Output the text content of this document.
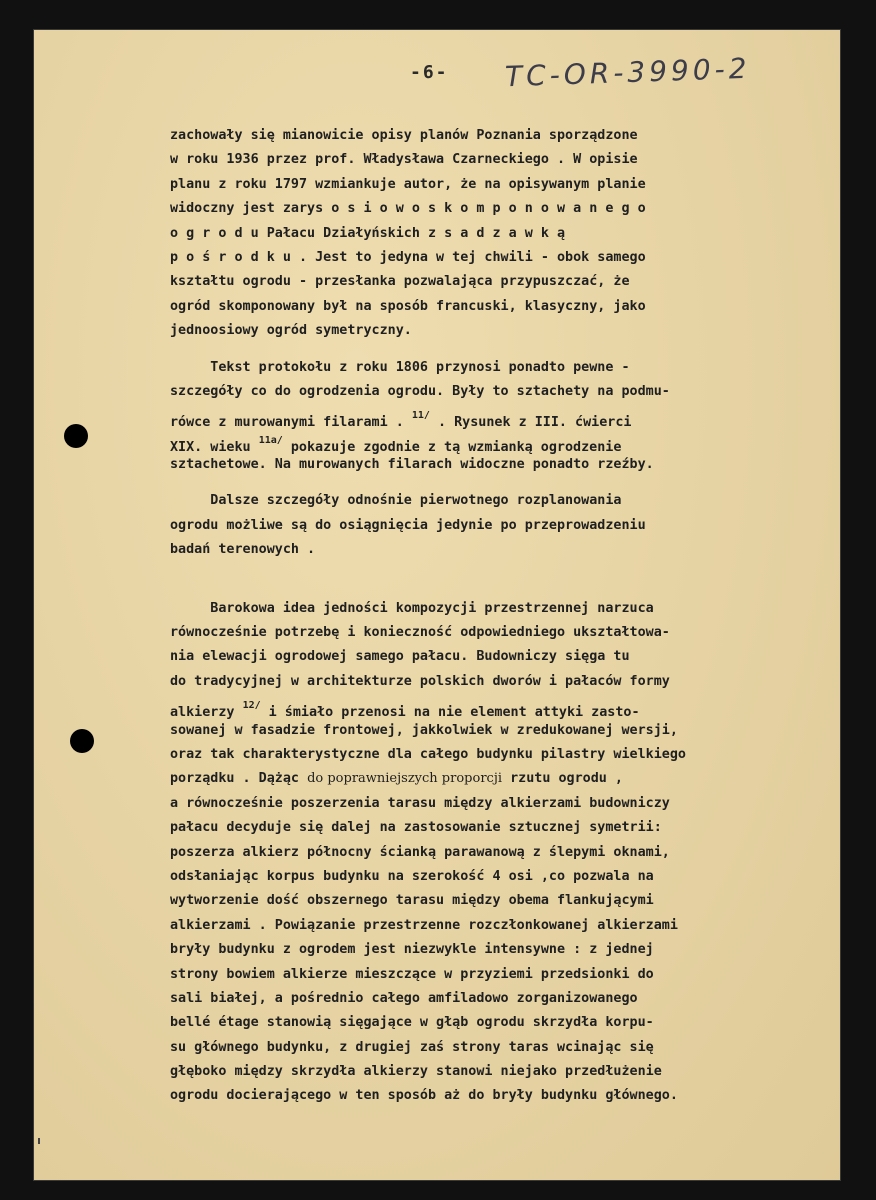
-6- TC-OR-3990-2
zachowały się mianowicie opisy planów Poznania sporządzone
w roku 1936 przez prof. Władysława Czarneckiego . W opisie
planu z roku 1797 wzmiankuje autor, że na opisywanym planie
widoczny jest zarys o s i o w o s k o m p o n o w a n e g o
o g r o d u Pałacu Działyńskich z s a d z a w k ą
p o ś r o d k u . Jest to jedyna w tej chwili - obok samego
kształtu ogrodu - przesłanka pozwalająca przypuszczać, że
ogród skomponowany był na sposób francuski, klasyczny, jako
jednoosiowy ogród symetryczny.
Tekst protokołu z roku 1806 przynosi ponadto pewne -
szczegóły co do ogrodzenia ogrodu. Były to sztachety na podmu-
rówce z murowanymi filarami . $^{11/}$ . Rysunek z III. ćwierci
XIX. wieku $^{11a/}$ pokazuje zgodnie z tą wzmianką ogrodzenie
sztachetowe. Na murowanych filarach widoczne ponadto rzeźby.
Dalsze szczegóły odnośnie pierwotnego rozplanowania
ogrodu możliwe są do osiągnięcia jedynie po przeprowadzeniu
badań terenowych .
Barokowa idea jedności kompozycji przestrzennej narzuca
równocześnie potrzebę i konieczność odpowiedniego ukształtowa-
nia elewacji ogrodowej samego pałacu. Budowniczy sięga tu
do tradycyjnej w architekturze polskich dworów i pałaców formy
alkierzy $^{12/}$ i śmiało przenosi na nie element attyki zasto-
sowanej w fasadzie frontowej, jakkolwiek w zredukowanej wersji,
oraz tak charakterystyczne dla całego budynku pilastry wielkiego
porządku . Dążąc do poprawniejszych proporcji rzutu ogrodu ,
a równocześnie poszerzenia tarasu między alkierzami budowniczy
pałacu decyduje się dalej na zastosowanie sztucznej symetrii:
poszerza alkierz północny ścianką parawanową z ślepymi oknami,
odsłaniając korpus budynku na szerokość 4 osi ,co pozwala na
wytworzenie dość obszernego tarasu między obema flankującymi
alkierzami . Powiązanie przestrzenne rozczłonkowanej alkierzami
bryły budynku z ogrodem jest niezwykle intensywne : z jednej
strony bowiem alkierze mieszczące w przyziemi przedsionki do
sali białej, a pośrednio całego amfiladowo zorganizowanego
bellé étage stanowią sięgające w głąb ogrodu skrzydła korpu-
su głównego budynku, z drugiej zaś strony taras wcinając się
głęboko między skrzydła alkierzy stanowi niejako przedłużenie
ogrodu docierającego w ten sposób aż do bryły budynku głównego.
